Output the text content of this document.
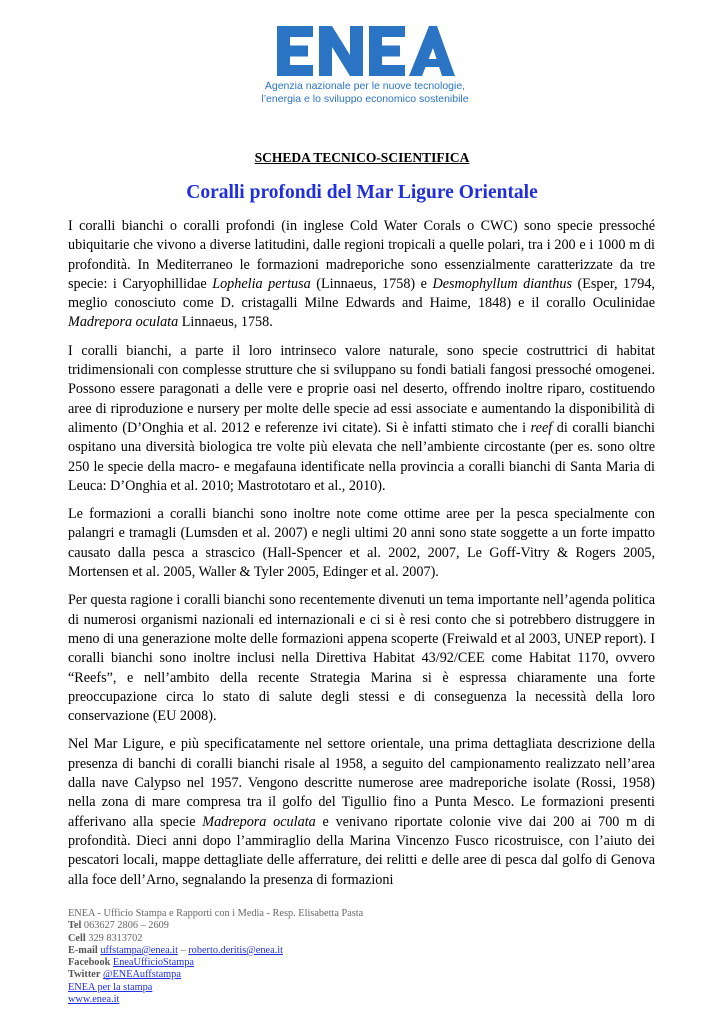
Agenzia nazionale per le nuove tecnologie,
l’energia e lo sviluppo economico sostenibile
SCHEDA TECNICO-SCIENTIFICA
Coralli profondi del Mar Ligure Orientale

I coralli bianchi o coralli profondi (in inglese Cold Water Corals o CWC) sono specie pressoché ubiquitarie che vivono a diverse latitudini, dalle regioni tropicali a quelle polari, tra i 200 e i 1000 m di profondità. In Mediterraneo le formazioni madreporiche sono essenzialmente caratterizzate da tre specie: i Caryophillidae Lophelia pertusa (Linnaeus, 1758) e Desmophyllum dianthus (Esper, 1794, meglio conosciuto come D. cristagalli Milne Edwards and Haime, 1848) e il corallo Oculinidae Madrepora oculata Linnaeus, 1758.

I coralli bianchi, a parte il loro intrinseco valore naturale, sono specie costruttrici di habitat tridimensionali con complesse strutture che si sviluppano su fondi batiali fangosi pressoché omogenei. Possono essere paragonati a delle vere e proprie oasi nel deserto, offrendo inoltre riparo, costituendo aree di riproduzione e nursery per molte delle specie ad essi associate e aumentando la disponibilità di alimento (D’Onghia et al. 2012 e referenze ivi citate). Si è infatti stimato che i reef di coralli bianchi ospitano una diversità biologica tre volte più elevata che nell’ambiente circostante (per es. sono oltre 250 le specie della macro- e megafauna identificate nella provincia a coralli bianchi di Santa Maria di Leuca: D’Onghia et al. 2010; Mastrototaro et al., 2010).

Le formazioni a coralli bianchi sono inoltre note come ottime aree per la pesca specialmente con palangri e tramagli (Lumsden et al. 2007) e negli ultimi 20 anni sono state soggette a un forte impatto causato dalla pesca a strascico (Hall-Spencer et al. 2002, 2007, Le Goff-Vitry & Rogers 2005, Mortensen et al. 2005, Waller & Tyler 2005, Edinger et al. 2007).

Per questa ragione i coralli bianchi sono recentemente divenuti un tema importante nell’agenda politica di numerosi organismi nazionali ed internazionali e ci si è resi conto che si potrebbero distruggere in meno di una generazione molte delle formazioni appena scoperte (Freiwald et al 2003, UNEP report). I coralli bianchi sono inoltre inclusi nella Direttiva Habitat 43/92/CEE come Habitat 1170, ovvero “Reefs”, e nell’ambito della recente Strategia Marina si è espressa chiaramente una forte preoccupazione circa lo stato di salute degli stessi e di conseguenza la necessità della loro conservazione (EU 2008).

Nel Mar Ligure, e più specificatamente nel settore orientale, una prima dettagliata descrizione della presenza di banchi di coralli bianchi risale al 1958, a seguito del campionamento realizzato nell’area dalla nave Calypso nel 1957. Vengono descritte numerose aree madreporiche isolate (Rossi, 1958) nella zona di mare compresa tra il golfo del Tigullio fino a Punta Mesco. Le formazioni presenti afferivano alla specie Madrepora oculata e venivano riportate colonie vive dai 200 ai 700 m di profondità. Dieci anni dopo l’ammiraglio della Marina Vincenzo Fusco ricostruisce, con l’aiuto dei pescatori locali, mappe dettagliate delle afferrature, dei relitti e delle aree di pesca dal golfo di Genova alla foce dell’Arno, segnalando la presenza di formazioni

ENEA - Ufficio Stampa e Rapporti con i Media - Resp. Elisabetta Pasta
Tel 063627 2806 – 2609
Cell 329 8313702
E-mail uffstampa@enea.it – roberto.deritis@enea.it
Facebook EneaUfficioStampa
Twitter @ENEAuffstampa
ENEA per la stampa
www.enea.it
